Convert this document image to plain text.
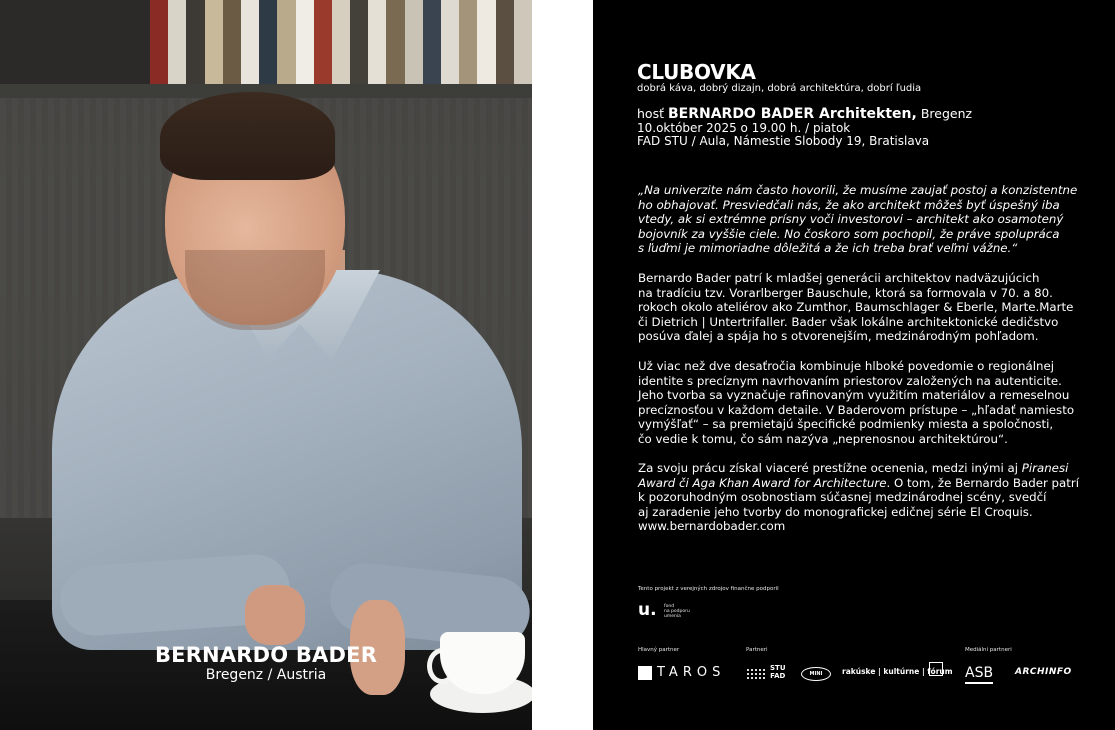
BERNARDO BADER
Bregenz / Austria
CLUBOVKA
dobrá káva, dobrý dizajn, dobrá architektúra, dobrí ľudia
hosť BERNARDO BADER Architekten, Bregenz
10.október 2025 o 19.00 h. / piatok
FAD STU / Aula, Námestie Slobody 19, Bratislava
„Na univerzite nám často hovorili, že musíme zaujať postoj a konzistentne
ho obhajovať. Presviedčali nás, že ako architekt môžeš byť úspešný iba
vtedy, ak si extrémne prísny voči investorovi – architekt ako osamotený
bojovník za vyššie ciele. No čoskoro som pochopil, že práve spolupráca
s ľuďmi je mimoriadne dôležitá a že ich treba brať veľmi vážne.“
Bernardo Bader patrí k mladšej generácii architektov nadväzujúcich
na tradíciu tzv. Vorarlberger Bauschule, ktorá sa formovala v 70. a 80.
rokoch okolo ateliérov ako Zumthor, Baumschlager & Eberle, Marte.Marte
či Dietrich | Untertrifaller. Bader však lokálne architektonické dedičstvo
posúva ďalej a spája ho s otvorenejším, medzinárodným pohľadom.
Už viac než dve desaťročia kombinuje hlboké povedomie o regionálnej
identite s precíznym navrhovaním priestorov založených na autenticite.
Jeho tvorba sa vyznačuje rafinovaným využitím materiálov a remeselnou
precíznosťou v každom detaile. V Baderovom prístupe – „hľadať namiesto
vymýšľať“ – sa premietajú špecifické podmienky miesta a spoločnosti,
čo vedie k tomu, čo sám nazýva „neprenosnou architektúrou“.
Za svoju prácu získal viaceré prestížne ocenenia, medzi inými aj Piranesi
Award či Aga Khan Award for Architecture. O tom, že Bernardo Bader patrí
k pozoruhodným osobnostiam súčasnej medzinárodnej scény, svedčí
aj zaradenie jeho tvorby do monografickej edičnej série El Croquis.
www.bernardobader.com
Tento projekt z verejných zdrojov finančne podporil
u. fond
na podporu
umenia
Hlavný partner	Partneri	Mediálni partneri
TAROS	STU
FAD	MINI	rakúske | kultúrne | fórum ASB ARCHINFO
